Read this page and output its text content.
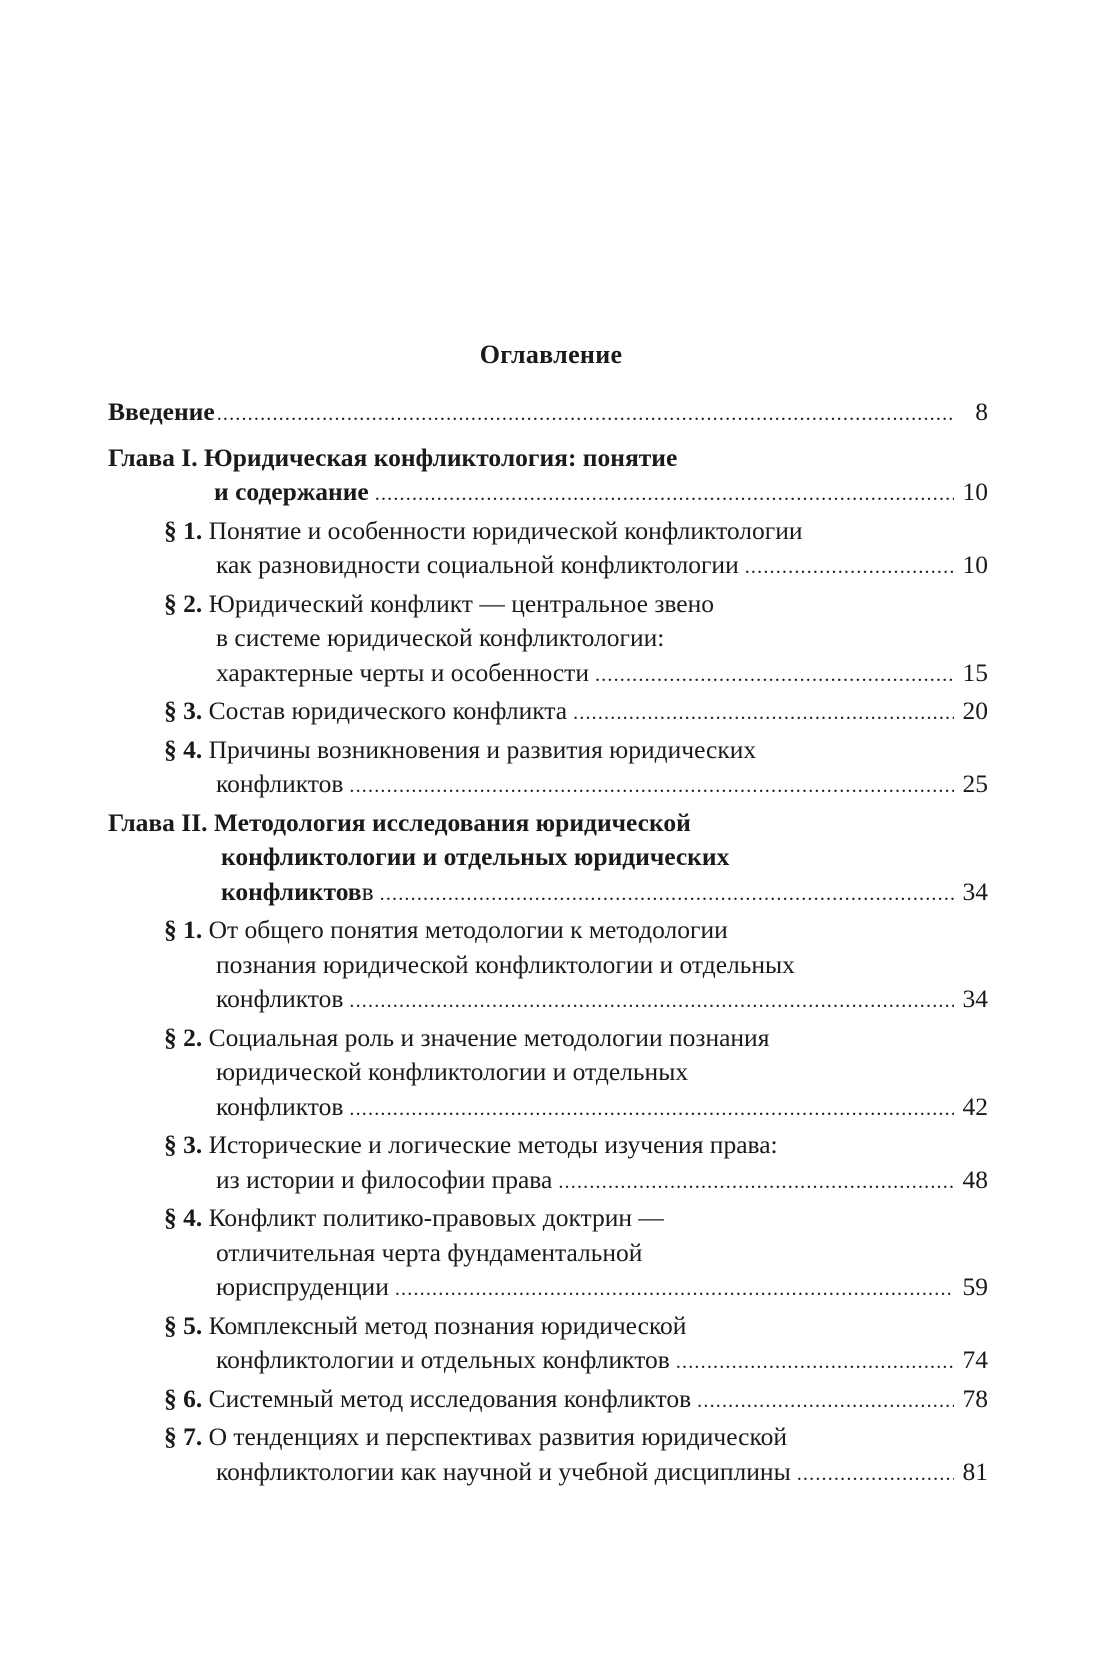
Оглавление
Введение .....	8
Глава I. Юридическая конфликтология: понятие
и содержание .....	10
§ 1. Понятие и особенности юридической конфликтологии
как разновидности социальной конфликтологии .....	10
§ 2. Юридический конфликт — центральное звено
в системе юридической конфликтологии:
характерные черты и особенности .....	15
§ 3. Состав юридического конфликта .....	20
§ 4. Причины возникновения и развития юридических
конфликтов .....	25
Глава II. Методология исследования юридической
конфликтологии и отдельных юридических
конфликтовв .....	34
§ 1. От общего понятия методологии к методологии
познания юридической конфликтологии и отдельных
конфликтов .....	34
§ 2. Социальная роль и значение методологии познания
юридической конфликтологии и отдельных
конфликтов .....	42
§ 3. Исторические и логические методы изучения права:
из истории и философии права .....	48
§ 4. Конфликт политико-правовых доктрин —
отличительная черта фундаментальной
юриспруденции .....	59
§ 5. Комплексный метод познания юридической
конфликтологии и отдельных конфликтов .....	74
§ 6. Системный метод исследования конфликтов .....	78
§ 7. О тенденциях и перспективах развития юридической
конфликтологии как научной и учебной дисциплины .....	81
